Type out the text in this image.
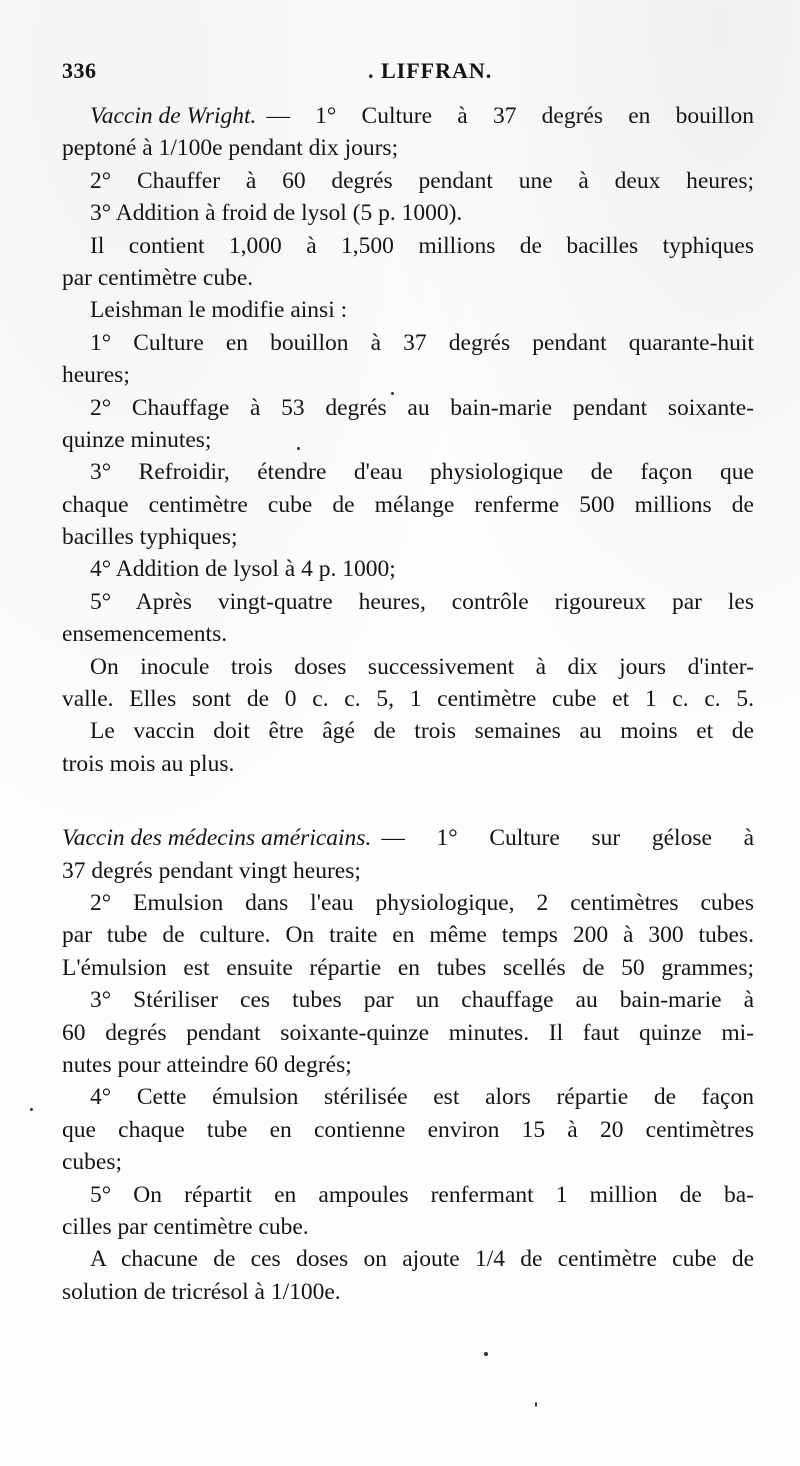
336	. LIFFRAN.
Vaccin de Wright. — 1° Culture à 37 degrés en bouillon
peptoné à 1/100e pendant dix jours;
2° Chauffer à 60 degrés pendant une à deux heures;
3° Addition à froid de lysol (5 p. 1000).
Il contient 1,000 à 1,500 millions de bacilles typhiques
par centimètre cube.
Leishman le modifie ainsi :
1° Culture en bouillon à 37 degrés pendant quarante-huit
heures;
2° Chauffage à 53 degrés au bain-marie pendant soixante-
quinze minutes;
3° Refroidir, étendre d'eau physiologique de façon que
chaque centimètre cube de mélange renferme 500 millions de
bacilles typhiques;
4° Addition de lysol à 4 p. 1000;
5° Après vingt-quatre heures, contrôle rigoureux par les
ensemencements.
On inocule trois doses successivement à dix jours d'inter-
valle. Elles sont de 0 c. c. 5, 1 centimètre cube et 1 c. c. 5.
Le vaccin doit être âgé de trois semaines au moins et de
trois mois au plus.
Vaccin des médecins américains. — 1° Culture sur gélose à
37 degrés pendant vingt heures;
2° Emulsion dans l'eau physiologique, 2 centimètres cubes
par tube de culture. On traite en même temps 200 à 300 tubes.
L'émulsion est ensuite répartie en tubes scellés de 50 grammes;
3° Stériliser ces tubes par un chauffage au bain-marie à
60 degrés pendant soixante-quinze minutes. Il faut quinze mi-
nutes pour atteindre 60 degrés;
4° Cette émulsion stérilisée est alors répartie de façon
que chaque tube en contienne environ 15 à 20 centimètres
cubes;
5° On répartit en ampoules renfermant 1 million de ba-
cilles par centimètre cube.
A chacune de ces doses on ajoute 1/4 de centimètre cube de
solution de tricrésol à 1/100e.
